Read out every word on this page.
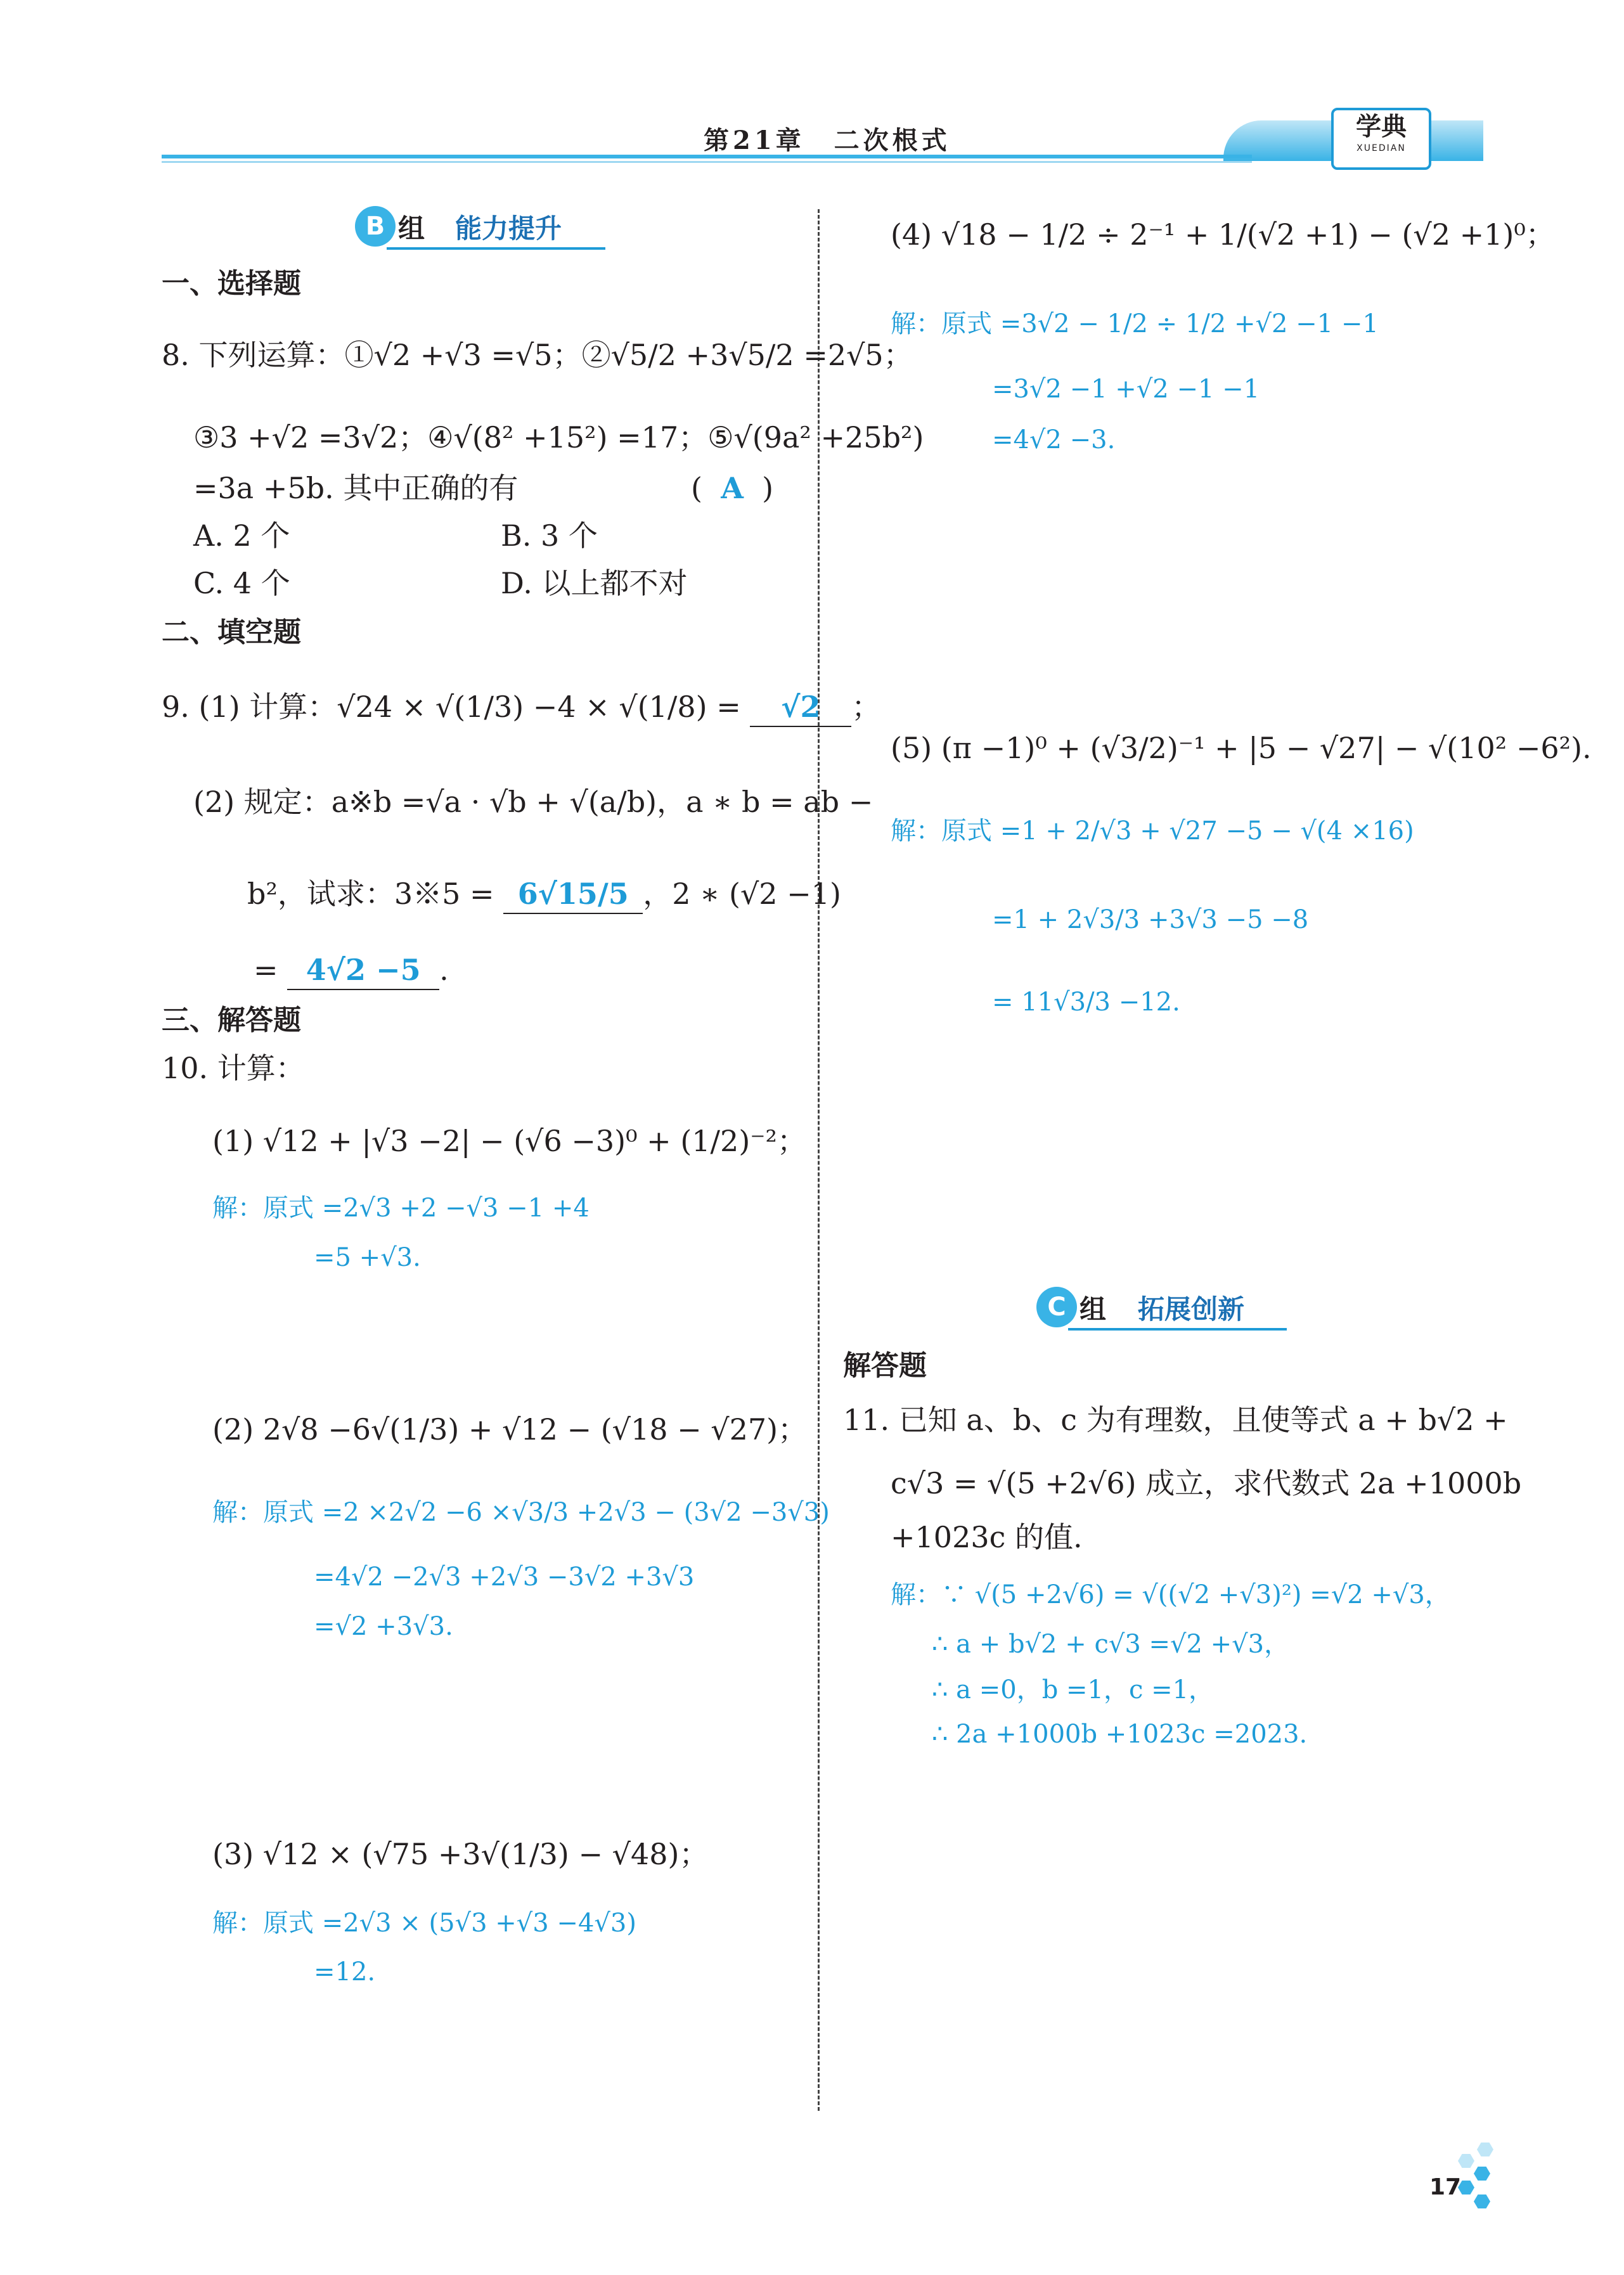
第21章　二次根式	学典
XUEDIAN
B 组 能力提升
一、选择题
8. 下列运算：①√2 +√3 =√5；②√5/2 +3√5/2 =2√5；
③3 +√2 =3√2；④√(8² +15²) =17；⑤√(9a² +25b²)
=3a +5b. 其中正确的有	(  A  )
A. 2 个	B. 3 个
C. 4 个	D. 以上都不对
二、填空题
9. (1) 计算：√24 × √(1/3) −4 × √(1/8) = √2 ；
(2) 规定：a※b =√a · √b + √(a/b)，a ∗ b = ab −
b²，试求：3※5 = 6√15/5 ，2 ∗ (√2 −1)
= 4√2 −5 .
三、解答题
10. 计算：
(1) √12 + |√3 −2| − (√6 −3)⁰ + (1/2)⁻²；
解：原式 =2√3 +2 −√3 −1 +4
=5 +√3.
(2) 2√8 −6√(1/3) + √12 − (√18 − √27)；
解：原式 =2 ×2√2 −6 ×√3/3 +2√3 − (3√2 −3√3)
=4√2 −2√3 +2√3 −3√2 +3√3
=√2 +3√3.
(3) √12 × (√75 +3√(1/3) − √48)；
解：原式 =2√3 × (5√3 +√3 −4√3)
=12.
(4) √18 − 1/2 ÷ 2⁻¹ + 1/(√2 +1) − (√2 +1)⁰；
解：原式 =3√2 − 1/2 ÷ 1/2 +√2 −1 −1
=3√2 −1 +√2 −1 −1
=4√2 −3.
(5) (π −1)⁰ + (√3/2)⁻¹ + |5 − √27| − √(10² −6²).
解：原式 =1 + 2/√3 + √27 −5 − √(4 ×16)
=1 + 2√3/3 +3√3 −5 −8
= 11√3/3 −12.
C 组 拓展创新
解答题
11. 已知 a、b、c 为有理数，且使等式 a + b√2 +
c√3 = √(5 +2√6) 成立，求代数式 2a +1000b
+1023c 的值.
解：∵ √(5 +2√6) = √((√2 +√3)²) =√2 +√3，
∴ a + b√2 + c√3 =√2 +√3，
∴ a =0，b =1，c =1，
∴ 2a +1000b +1023c =2023.
17
